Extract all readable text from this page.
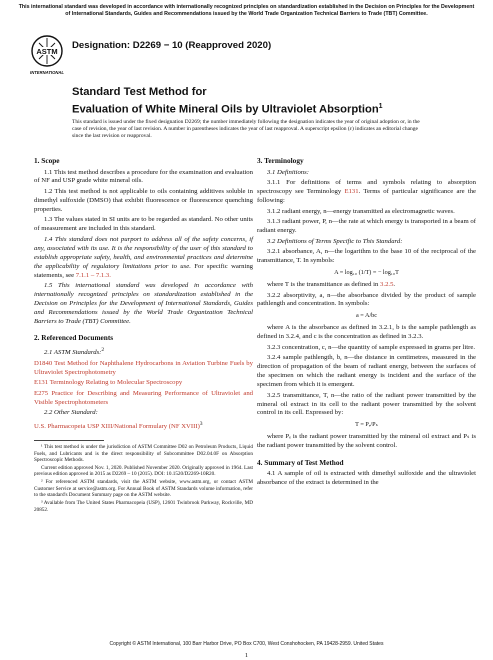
This international standard was developed in accordance with internationally recognized principles on standardization established in the Decision on Principles for the Development of International Standards, Guides and Recommendations issued by the World Trade Organization Technical Barriers to Trade (TBT) Committee.
ASTM
INTERNATIONAL
Designation: D2269 − 10 (Reapproved 2020)
Standard Test Method for
Evaluation of White Mineral Oils by Ultraviolet Absorption$^1$
This standard is issued under the fixed designation D2269; the number immediately following the designation indicates the year of original adoption or, in the case of revision, the year of last revision. A number in parentheses indicates the year of last reapproval. A superscript epsilon (ε) indicates an editorial change since the last revision or reapproval.
1. Scope

1.1 This test method describes a procedure for the examination and evaluation of NF and USP grade white mineral oils.

1.2 This test method is not applicable to oils containing additives soluble in dimethyl sulfoxide (DMSO) that exhibit fluorescence or fluorescence quenching properties.

1.3 The values stated in SI units are to be regarded as standard. No other units of measurement are included in this standard.

1.4 This standard does not purport to address all of the safety concerns, if any, associated with its use. It is the responsibility of the user of this standard to establish appropriate safety, health, and environmental practices and determine the applicability of regulatory limitations prior to use. For specific warning statements, see 7.1.1 – 7.1.3.

1.5 This international standard was developed in accordance with internationally recognized principles on standardization established in the Decision on Principles for the Development of International Standards, Guides and Recommendations issued by the World Trade Organization Technical Barriers to Trade (TBT) Committee.

2. Referenced Documents

2.1 ASTM Standards:$^2$

D1840 Test Method for Naphthalene Hydrocarbons in Aviation Turbine Fuels by Ultraviolet Spectrophotometry

E131 Terminology Relating to Molecular Spectroscopy

E275 Practice for Describing and Measuring Performance of Ultraviolet and Visible Spectrophotometers

2.2 Other Standard:

U.S. Pharmacopeia USP XIII/National Formulary (NF XVIII)$^3$

¹ This test method is under the jurisdiction of ASTM Committee D02 on Petroleum Products, Liquid Fuels, and Lubricants and is the direct responsibility of Subcommittee D02.04.0F on Absorption Spectroscopic Methods.

Current edition approved Nov. 1, 2020. Published November 2020. Originally approved in 1964. Last previous edition approved in 2015 as D2269 – 10 (2015). DOI: 10.1520/D2269-10R20.

² For referenced ASTM standards, visit the ASTM website, www.astm.org, or contact ASTM Customer Service at service@astm.org. For Annual Book of ASTM Standards volume information, refer to the standard's Document Summary page on the ASTM website.

³ Available from The United States Pharmacopeia (USP), 12601 Twinbrook Parkway, Rockville, MD 20852.

3. Terminology

3.1 Definitions:

3.1.1 For definitions of terms and symbols relating to absorption spectroscopy see Terminology E131. Terms of particular significance are the following:

3.1.2 radiant energy, n—energy transmitted as electromagnetic waves.

3.1.3 radiant power, P, n—the rate at which energy is transported in a beam of radiant energy.

3.2 Definitions of Terms Specific to This Standard:

3.2.1 absorbance, A, n—the logarithm to the base 10 of the reciprocal of the transmittance, T. In symbols:

A = log₁₀ (1/T) = − log₁₀T

where T is the transmittance as defined in 3.2.5.

3.2.2 absorptivity, a, n—the absorbance divided by the product of sample pathlength and concentration. In symbols:

a = A/bc

where A is the absorbance as defined in 3.2.1, b is the sample pathlength as defined in 3.2.4, and c is the concentration as defined in 3.2.3.

3.2.3 concentration, c, n—the quantity of sample expressed in grams per litre.

3.2.4 sample pathlength, b, n—the distance in centimetres, measured in the direction of propagation of the beam of radiant energy, between the surfaces of the specimen on which the radiant energy is incident and the surface of the specimen from which it is emergent.

3.2.5 transmittance, T, n—the ratio of the radiant power transmitted by the mineral oil extract in its cell to the radiant power transmitted by the solvent control in its cell. Expressed by:

T = Pₑ/Pₛ

where Pₑ is the radiant power transmitted by the mineral oil extract and Pₛ is the radiant power transmitted by the solvent control.

4. Summary of Test Method

4.1 A sample of oil is extracted with dimethyl sulfoxide and the ultraviolet absorbance of the extract is determined in the

Copyright © ASTM International, 100 Barr Harbor Drive, PO Box C700, West Conshohocken, PA 19428-2959. United States
1
